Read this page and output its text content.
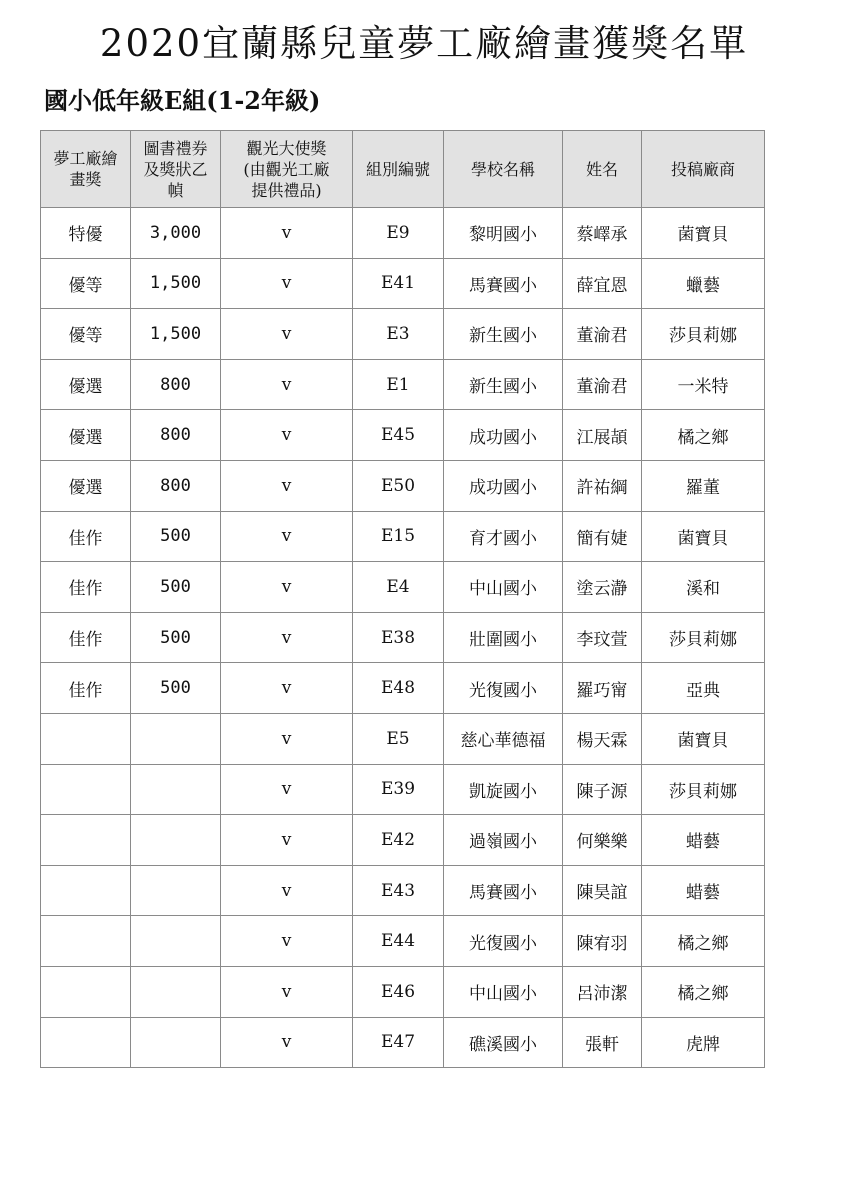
2020宜蘭縣兒童夢工廠繪畫獲獎名單
國小低年級E組(1-2年級)
夢工廠繪
畫獎	圖書禮券
及獎狀乙
幀	觀光大使獎
(由觀光工廠
提供禮品)	組別編號	學校名稱	姓名	投稿廠商
特優	3,000	v	E9	黎明國小	蔡嶧承	菌寶貝
優等	1,500	v	E41	馬賽國小	薛宜恩	蠟藝
優等	1,500	v	E3	新生國小	董渝君	莎貝莉娜
優選	800	v	E1	新生國小	董渝君	一米特
優選	800	v	E45	成功國小	江展頡	橘之鄉
優選	800	v	E50	成功國小	許祐綱	羅董
佳作	500	v	E15	育才國小	簡有婕	菌寶貝
佳作	500	v	E4	中山國小	塗云瀞	溪和
佳作	500	v	E38	壯圍國小	李玟萱	莎貝莉娜
佳作	500	v	E48	光復國小	羅巧甯	亞典
		v	E5	慈心華德福	楊天霖	菌寶貝
		v	E39	凱旋國小	陳子源	莎貝莉娜
		v	E42	過嶺國小	何樂樂	蜡藝
		v	E43	馬賽國小	陳昊誼	蜡藝
		v	E44	光復國小	陳宥羽	橘之鄉
		v	E46	中山國小	呂沛潔	橘之鄉
		v	E47	礁溪國小	張軒	虎牌
